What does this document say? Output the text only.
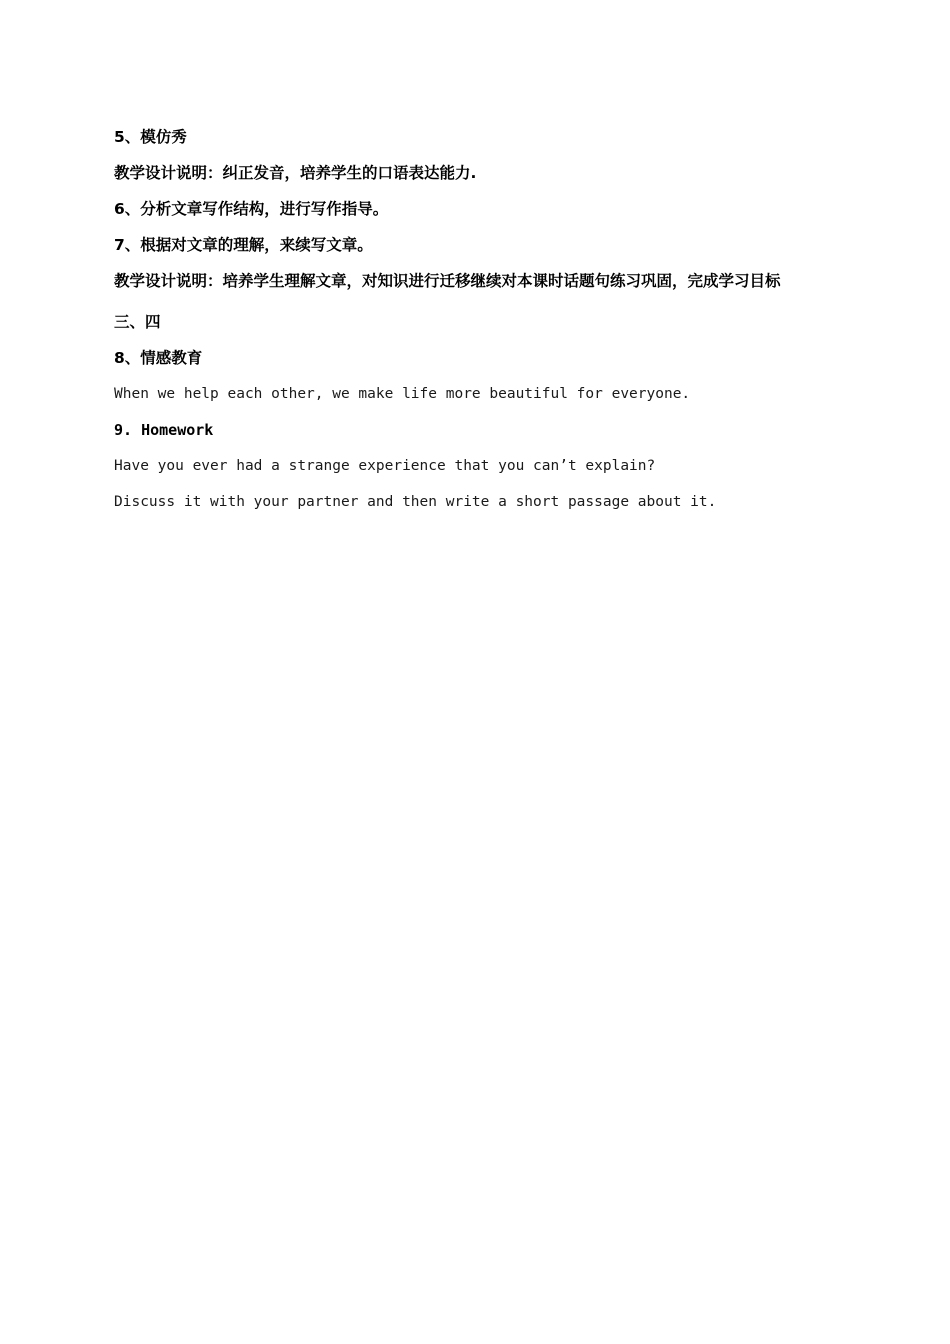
5、模仿秀
教学设计说明：纠正发音，培养学生的口语表达能力.
6、分析文章写作结构，进行写作指导。
7、根据对文章的理解，来续写文章。
教学设计说明：培养学生理解文章，对知识进行迁移继续对本课时话题句练习巩固，完成学习目标
三、四
8、情感教育
When we help each other, we make life more beautiful for everyone.
9. Homework
Have you ever had a strange experience that you can’t explain?
Discuss it with your partner and then write a short passage about it.
